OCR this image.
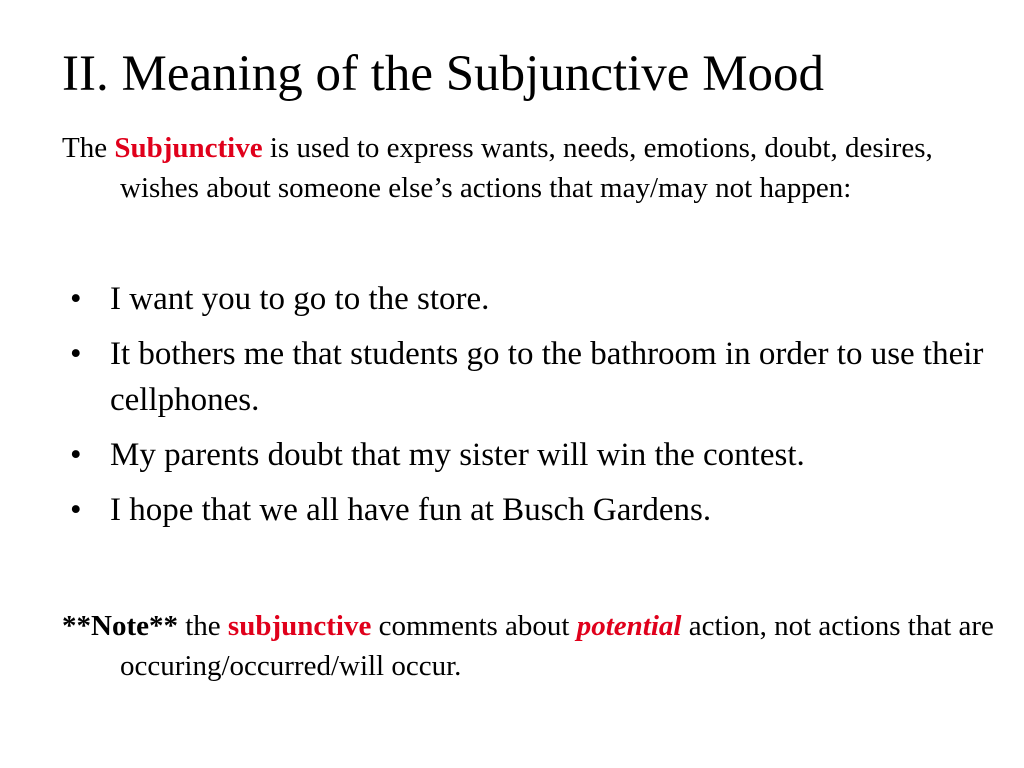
II. Meaning of the Subjunctive Mood

The Subjunctive is used to express wants, needs, emotions, doubt, desires, wishes about someone else’s actions that may/may not happen:

• I want you to go to the store.
• It bothers me that students go to the bathroom in order to use their cellphones.
• My parents doubt that my sister will win the contest.
• I hope that we all have fun at Busch Gardens.

**Note** the subjunctive comments about potential action, not actions that are occuring/occurred/will occur.
